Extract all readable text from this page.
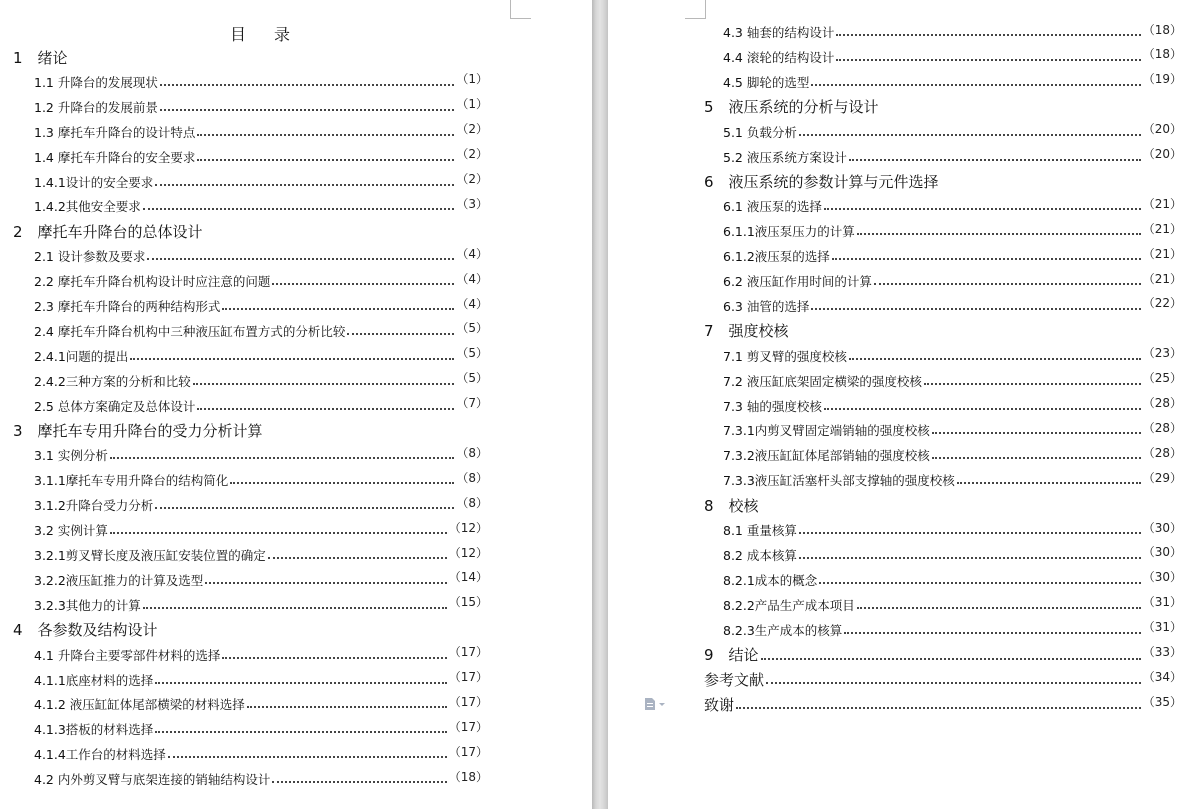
目 录
1　绪论
1.1 升降台的发展现状	（1）
1.2 升降台的发展前景	（1）
1.3 摩托车升降台的设计特点	（2）
1.4 摩托车升降台的安全要求	（2）
1.4.1设计的安全要求	（2）
1.4.2其他安全要求	（3）
2　摩托车升降台的总体设计
2.1 设计参数及要求	（4）
2.2 摩托车升降台机构设计时应注意的问题	（4）
2.3 摩托车升降台的两种结构形式	（4）
2.4 摩托车升降台机构中三种液压缸布置方式的分析比较	（5）
2.4.1问题的提出	（5）
2.4.2三种方案的分析和比较	（5）
2.5 总体方案确定及总体设计	（7）
3　摩托车专用升降台的受力分析计算
3.1 实例分析	（8）
3.1.1摩托车专用升降台的结构简化	（8）
3.1.2升降台受力分析	（8）
3.2 实例计算	（12）
3.2.1剪叉臂长度及液压缸安装位置的确定	（12）
3.2.2液压缸推力的计算及选型	（14）
3.2.3其他力的计算	（15）
4　各参数及结构设计
4.1 升降台主要零部件材料的选择	（17）
4.1.1底座材料的选择	（17）
4.1.2 液压缸缸体尾部横梁的材料选择	（17）
4.1.3搭板的材料选择	（17）
4.1.4工作台的材料选择	（17）
4.2 内外剪叉臂与底架连接的销轴结构设计	（18）
4.3 轴套的结构设计	（18）
4.4 滚轮的结构设计	（18）
4.5 脚轮的选型	（19）
5　液压系统的分析与设计
5.1 负载分析	（20）
5.2 液压系统方案设计	（20）
6　液压系统的参数计算与元件选择
6.1 液压泵的选择	（21）
6.1.1液压泵压力的计算	（21）
6.1.2液压泵的选择	（21）
6.2 液压缸作用时间的计算	（21）
6.3 油管的选择	（22）
7　强度校核
7.1 剪叉臂的强度校核	（23）
7.2 液压缸底架固定横梁的强度校核	（25）
7.3 轴的强度校核	（28）
7.3.1内剪叉臂固定端销轴的强度校核	（28）
7.3.2液压缸缸体尾部销轴的强度校核	（28）
7.3.3液压缸活塞杆头部支撑轴的强度校核	（29）
8　校核
8.1 重量核算	（30）
8.2 成本核算	（30）
8.2.1成本的概念	（30）
8.2.2产品生产成本项目	（31）
8.2.3生产成本的核算	（31）
9　结论	（33）
参考文献	（34）
致谢	（35）
